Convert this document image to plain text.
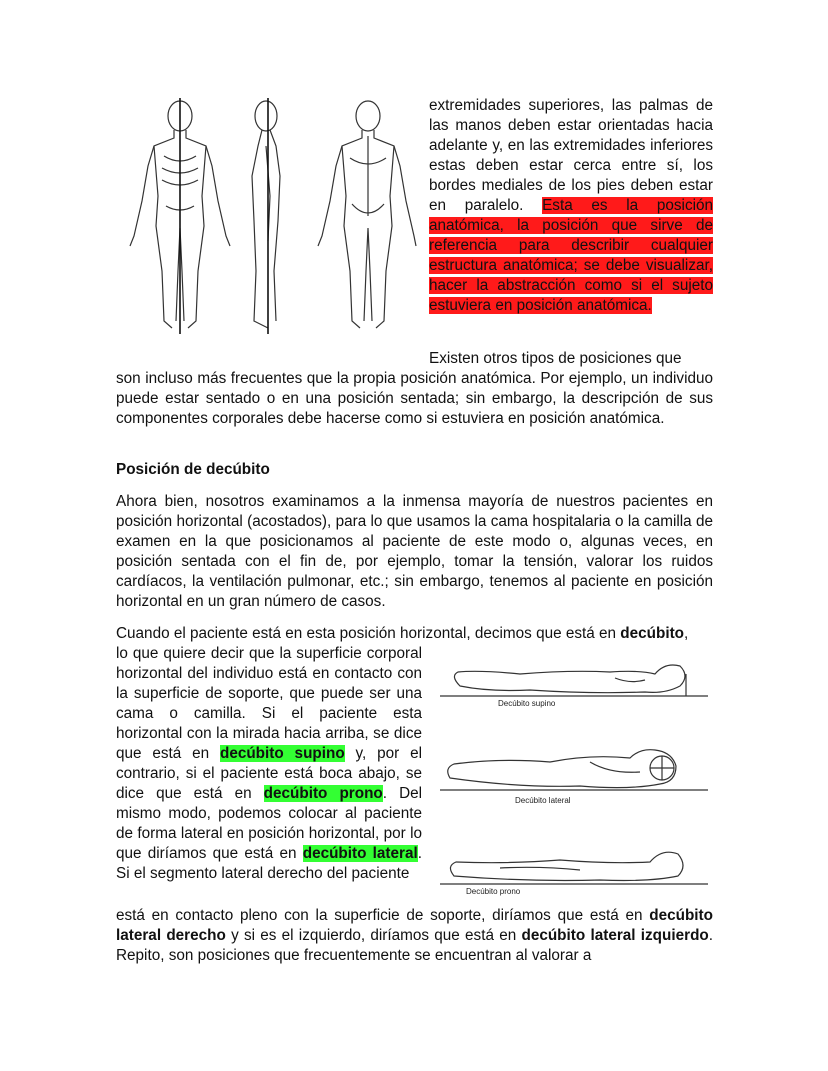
extremidades superiores, las palmas de las manos deben estar orientadas hacia adelante y, en las extremidades inferiores estas deben estar cerca entre sí, los bordes mediales de los pies deben estar en paralelo. Esta es la posición anatómica, la posición que sirve de referencia para describir cualquier estructura anatómica; se debe visualizar, hacer la abstracción como si el sujeto estuviera en posición anatómica.

Existen otros tipos de posiciones que

son incluso más frecuentes que la propia posición anatómica. Por ejemplo, un individuo puede estar sentado o en una posición sentada; sin embargo, la descripción de sus componentes corporales debe hacerse como si estuviera en posición anatómica.

Posición de decúbito

Ahora bien, nosotros examinamos a la inmensa mayoría de nuestros pacientes en posición horizontal (acostados), para lo que usamos la cama hospitalaria o la camilla de examen en la que posicionamos al paciente de este modo o, algunas veces, en posición sentada con el fin de, por ejemplo, tomar la tensión, valorar los ruidos cardíacos, la ventilación pulmonar, etc.; sin embargo, tenemos al paciente en posición horizontal en un gran número de casos.

Cuando el paciente está en esta posición horizontal, decimos que está en decúbito,

lo que quiere decir que la superficie corporal horizontal del individuo está en contacto con la superficie de soporte, que puede ser una cama o camilla. Si el paciente esta horizontal con la mirada hacia arriba, se dice que está en decúbito supino y, por el contrario, si el paciente está boca abajo, se dice que está en decúbito prono. Del mismo modo, podemos colocar al paciente de forma lateral en posición horizontal, por lo que diríamos que está en decúbito lateral. Si el segmento lateral derecho del paciente

Decúbito supino
Decúbito lateral
Decúbito prono

está en contacto pleno con la superficie de soporte, diríamos que está en decúbito lateral derecho y si es el izquierdo, diríamos que está en decúbito lateral izquierdo. Repito, son posiciones que frecuentemente se encuentran al valorar a
